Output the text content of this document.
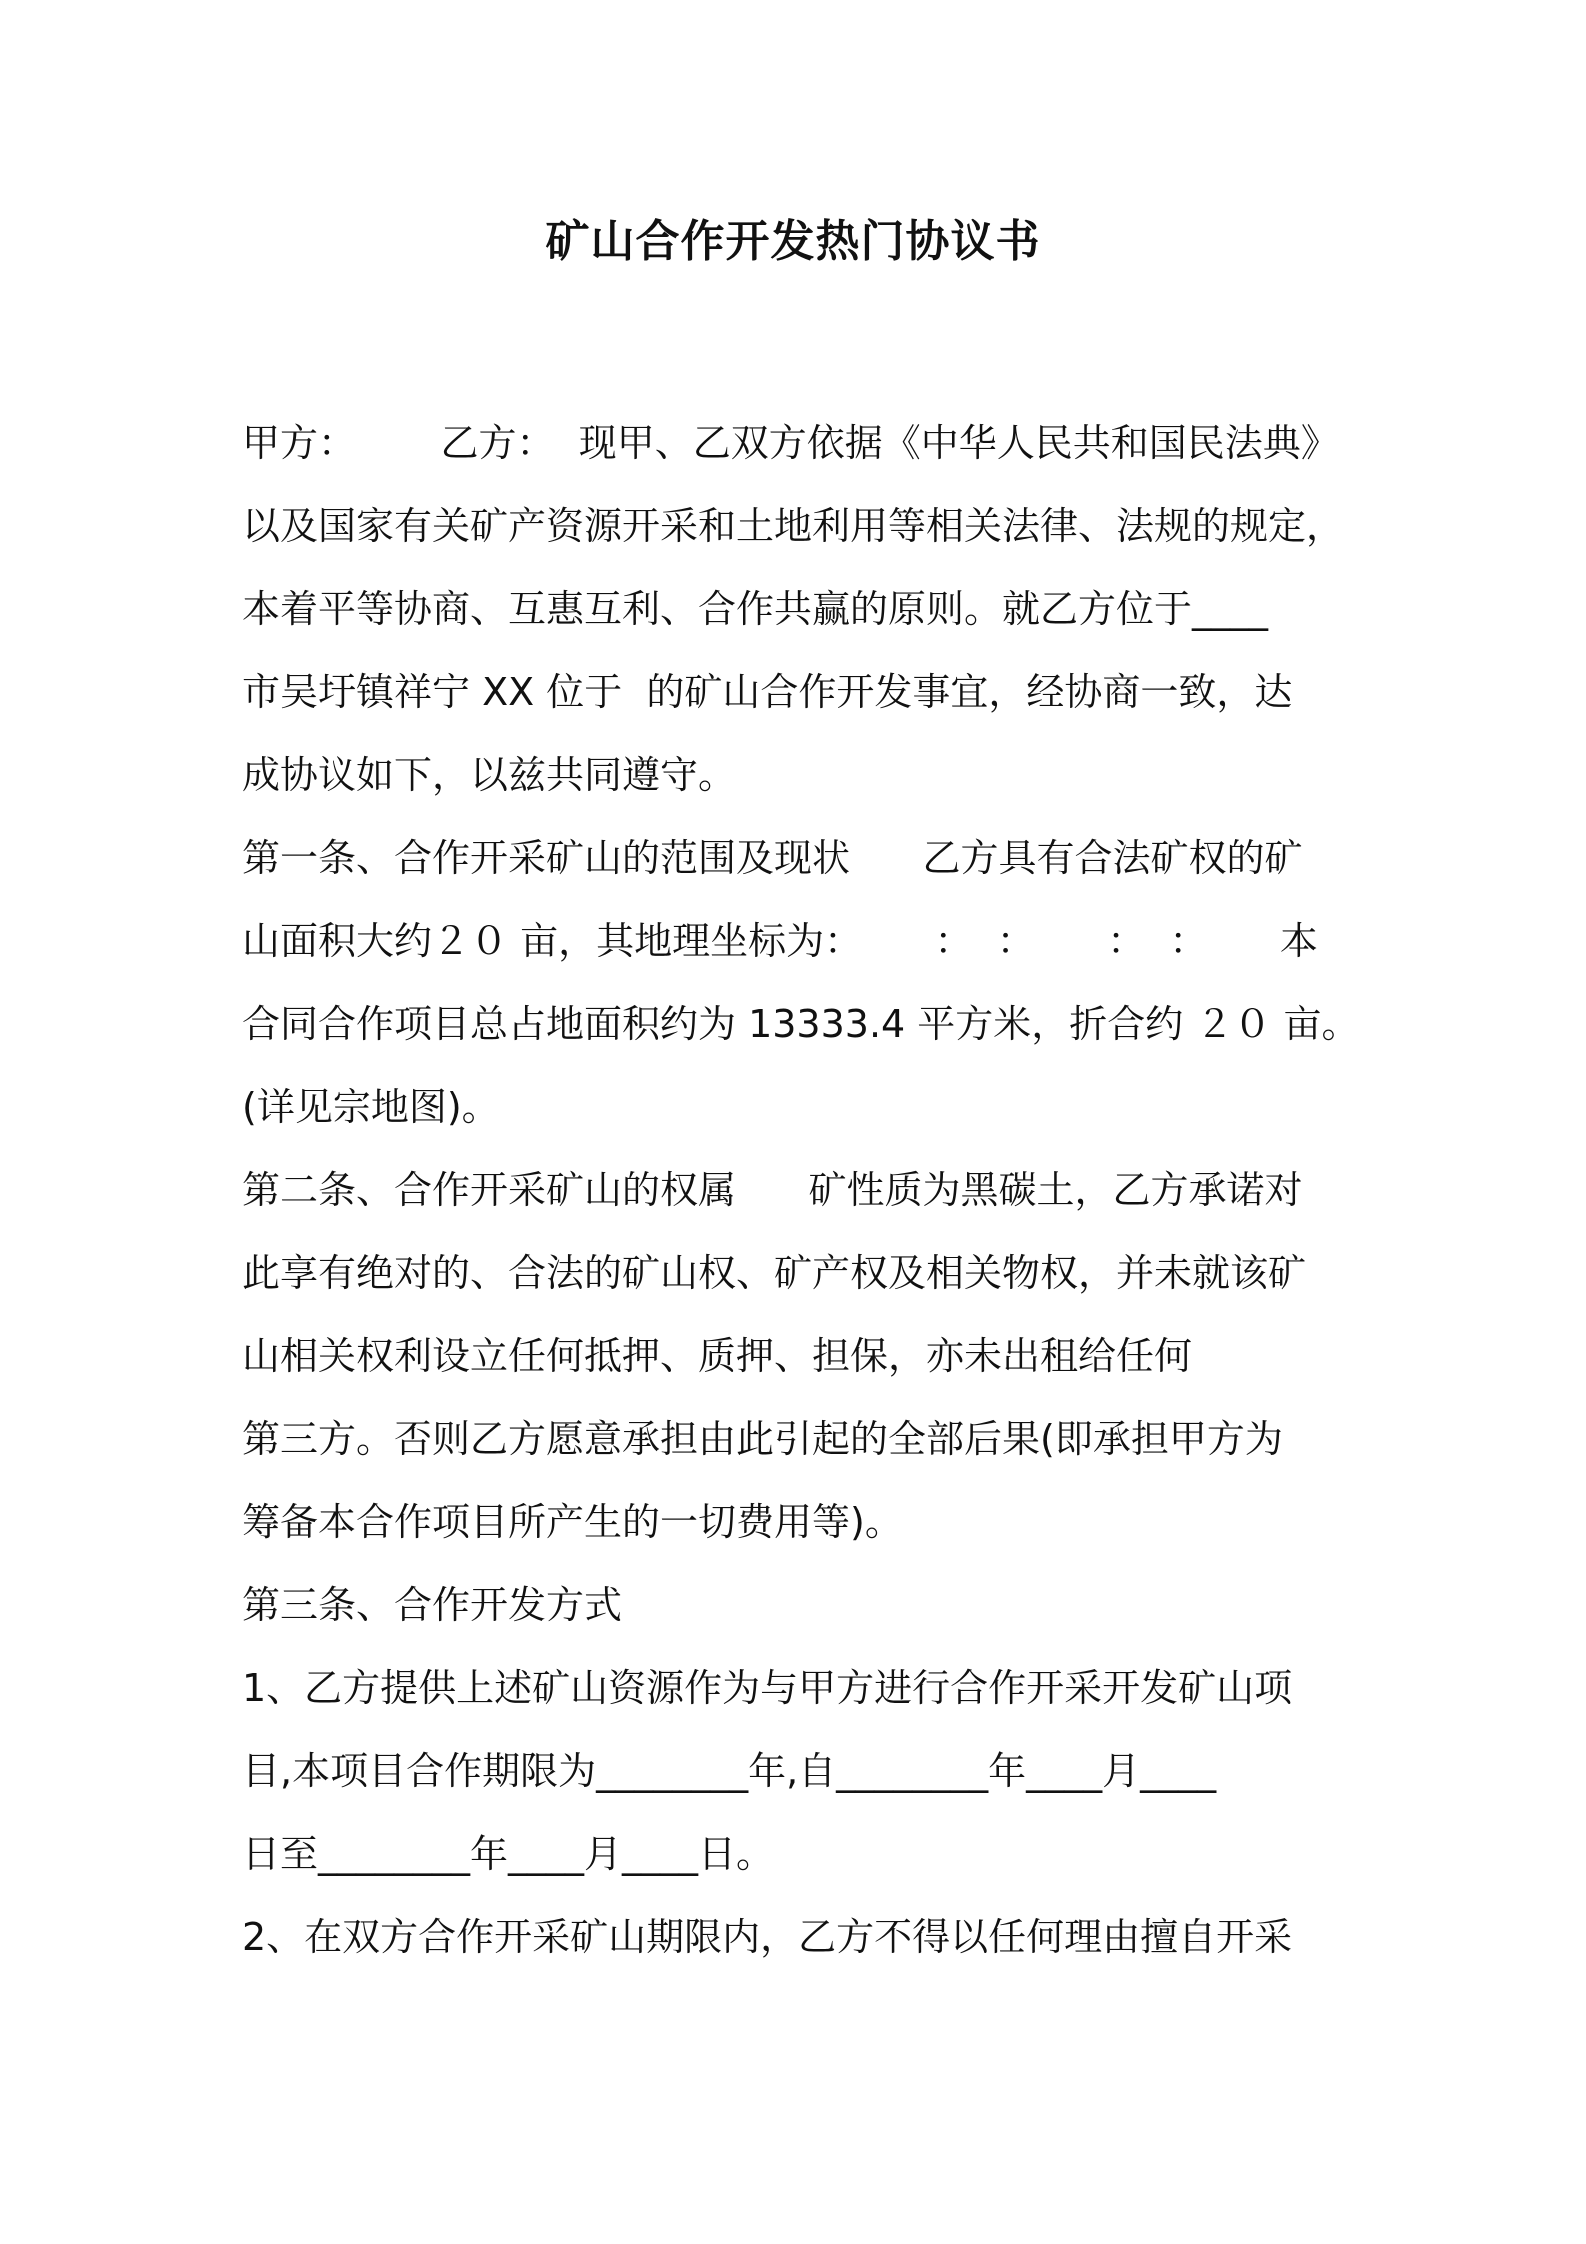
矿山合作开发热门协议书
甲方：       乙方：  现甲、乙双方依据《中华人民共和国民法典》
以及国家有关矿产资源开采和土地利用等相关法律、法规的规定，
本着平等协商、互惠互利、合作共赢的原则。就乙方位于____
市吴圩镇祥宁 XX 位于  的矿山合作开发事宜，经协商一致，达
成协议如下，以兹共同遵守。
第一条、合作开采矿山的范围及现状      乙方具有合法矿权的矿
山面积大约２０ 亩，其地理坐标为：      ：  ：      ：  ：      本
合同合作项目总占地面积约为 13333.4 平方米，折合约 ２０ 亩。
(详见宗地图)。
第二条、合作开采矿山的权属      矿性质为黑碳土，乙方承诺对
此享有绝对的、合法的矿山权、矿产权及相关物权，并未就该矿
山相关权利设立任何抵押、质押、担保，亦未出租给任何
第三方。否则乙方愿意承担由此引起的全部后果(即承担甲方为
筹备本合作项目所产生的一切费用等)。
第三条、合作开发方式
1、乙方提供上述矿山资源作为与甲方进行合作开采开发矿山项
目,本项目合作期限为________年,自________年____月____
日至________年____月____日。
2、在双方合作开采矿山期限内，乙方不得以任何理由擅自开采
